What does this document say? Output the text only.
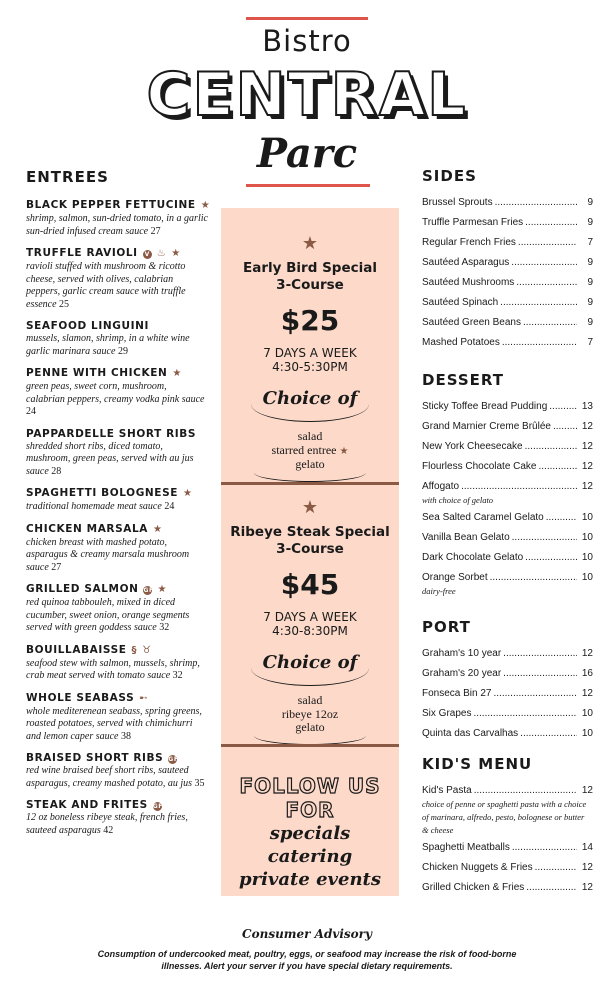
Bistro
CENTRAL
Parc
ENTREES
BLACK PEPPER FETTUCINE ★
shrimp, salmon, sun-dried tomato, in a garlic sun-dried infused cream sauce 27
TRUFFLE RAVIOLI V ♨ ★
ravioli stuffed with mushroom & ricotto cheese, served with olives, calabrian peppers, garlic cream sauce with truffle essence 25
SEAFOOD LINGUINI
mussels, slamon, shrimp, in a white wine garlic marinara sauce 29
PENNE WITH CHICKEN ★
green peas, sweet corn, mushroom, calabrian peppers, creamy vodka pink sauce 24
PAPPARDELLE SHORT RIBS
shredded short ribs, diced tomato, mushroom, green peas, served with au jus sauce 28
SPAGHETTI BOLOGNESE ★
traditional homemade meat sauce 24
CHICKEN MARSALA ★
chicken breast with mashed potato, asparagus & creamy marsala mushroom sauce 27
GRILLED SALMON GF ★
red quinoa tabbouleh, mixed in diced cucumber, sweet onion, orange segments served with green goddess sauce 32
BOUILLABAISSE § ♉
seafood stew with salmon, mussels, shrimp, crab meat served with tomato sauce 32
WHOLE SEABASS ➸
whole mediterenean seabass, spring greens, roasted potatoes, served with chimichurri and lemon caper sauce 38
BRAISED SHORT RIBS GF
red wine braised beef short ribs, sauteed asparagus, creamy mashed potato, au jus 35
STEAK AND FRITES GF
12 oz boneless ribeye steak, french fries, sauteed asparagus 42
★
Early Bird Special
3-Course
$25
7 DAYS A WEEK
4:30-5:30PM
Choice of
salad
starred entree ★
gelato
★
Ribeye Steak Special
3-Course
$45
7 DAYS A WEEK
4:30-8:30PM
Choice of
salad
ribeye 12oz
gelato
FOLLOW US FOR
specials
catering
private events
SIDES
Brussel Sprouts .....	9
Truffle Parmesan Fries .....	9
Regular French Fries .....	7
Sautéed Asparagus .....	9
Sautéed Mushrooms .....	9
Sautéed Spinach .....	9
Sautéed Green Beans .....	9
Mashed Potatoes .....	7
DESSERT
Sticky Toffee Bread Pudding .....	13
Grand Marnier Creme Brûlée .....	12
New York Cheesecake .....	12
Flourless Chocolate Cake .....	12
Affogato .....	12
with choice of gelato
Sea Salted Caramel Gelato .....	10
Vanilla Bean Gelato .....	10
Dark Chocolate Gelato .....	10
Orange Sorbet .....	10
dairy-free
PORT
Graham's 10 year .....	12
Graham's 20 year .....	16
Fonseca Bin 27 .....	12
Six Grapes .....	10
Quinta das Carvalhas .....	10
KID'S MENU
Kid's Pasta .....	12
choice of penne or spaghetti pasta with a choice of marinara, alfredo, pesto, bolognese or butter & cheese
Spaghetti Meatballs .....	14
Chicken Nuggets & Fries .....	12
Grilled Chicken & Fries .....	12
Consumer Advisory
Consumption of undercooked meat, poultry, eggs, or seafood may increase the risk of food-borne illnesses. Alert your server if you have special dietary requirements.
